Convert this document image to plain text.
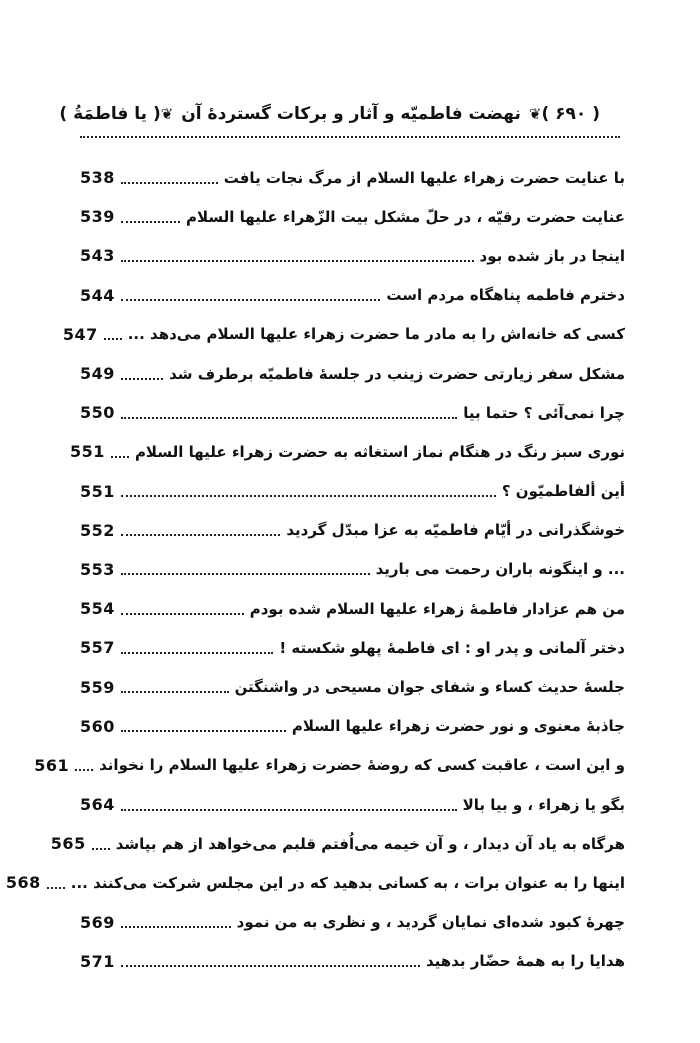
( ۶۹۰ )
❦
نهضت فاطمیّه و آثار و برکات گستردهٔ آن
❦
( یا فاطمَةُ )
با عنایت حضرت زهراء عليها السلام از مرگ نجات یافت
538
عنایت حضرت رقیّه ، در حلّ مشکل بیت الزّهراء عليها السلام
539
اینجا در باز شده بود
543
دخترم فاطمه پناهگاه مردم است
544
کسی که خانه‌اش را به مادر ما حضرت زهراء عليها السلام می‌دهد ...
547
مشکل سفر زیارتی حضرت زینب در جلسهٔ فاطمیّه برطرف شد
549
چرا نمی‌آئی ؟ حتما بیا
550
نوری سبز رنگ در هنگام نماز استغاثه به حضرت زهراء عليها السلام
551
أین ألفاطمیّون ؟
551
خوشگذرانی در أیّام فاطمیّه به عزا مبدّل گردید
552
... و اینگونه باران رحمت می بارید
553
من هم عزادار فاطمهٔ زهراء عليها السلام شده بودم
554
دختر آلمانی و پدر او : ای فاطمهٔ پهلو شکسته !
557
جلسهٔ حدیث کساء و شفای جوان مسیحی در واشنگتن
559
جاذبهٔ معنوی و نور حضرت زهراء عليها السلام
560
و این است ، عاقبت کسی که روضهٔ حضرت زهراء عليها السلام را نخواند
561
بگو یا زهراء ، و بیا بالا
564
هرگاه به یاد آن دیدار ، و آن خیمه می‌اُفتم قلبم می‌خواهد از هم بپاشد
565
اینها را به عنوان برات ، به کسانی بدهید که در این مجلس شرکت می‌کنند ...
568
چهرهٔ کبود شده‌ای نمایان گردید ، و نظری به من نمود
569
هدایا را به همهٔ حضّار بدهید
571
